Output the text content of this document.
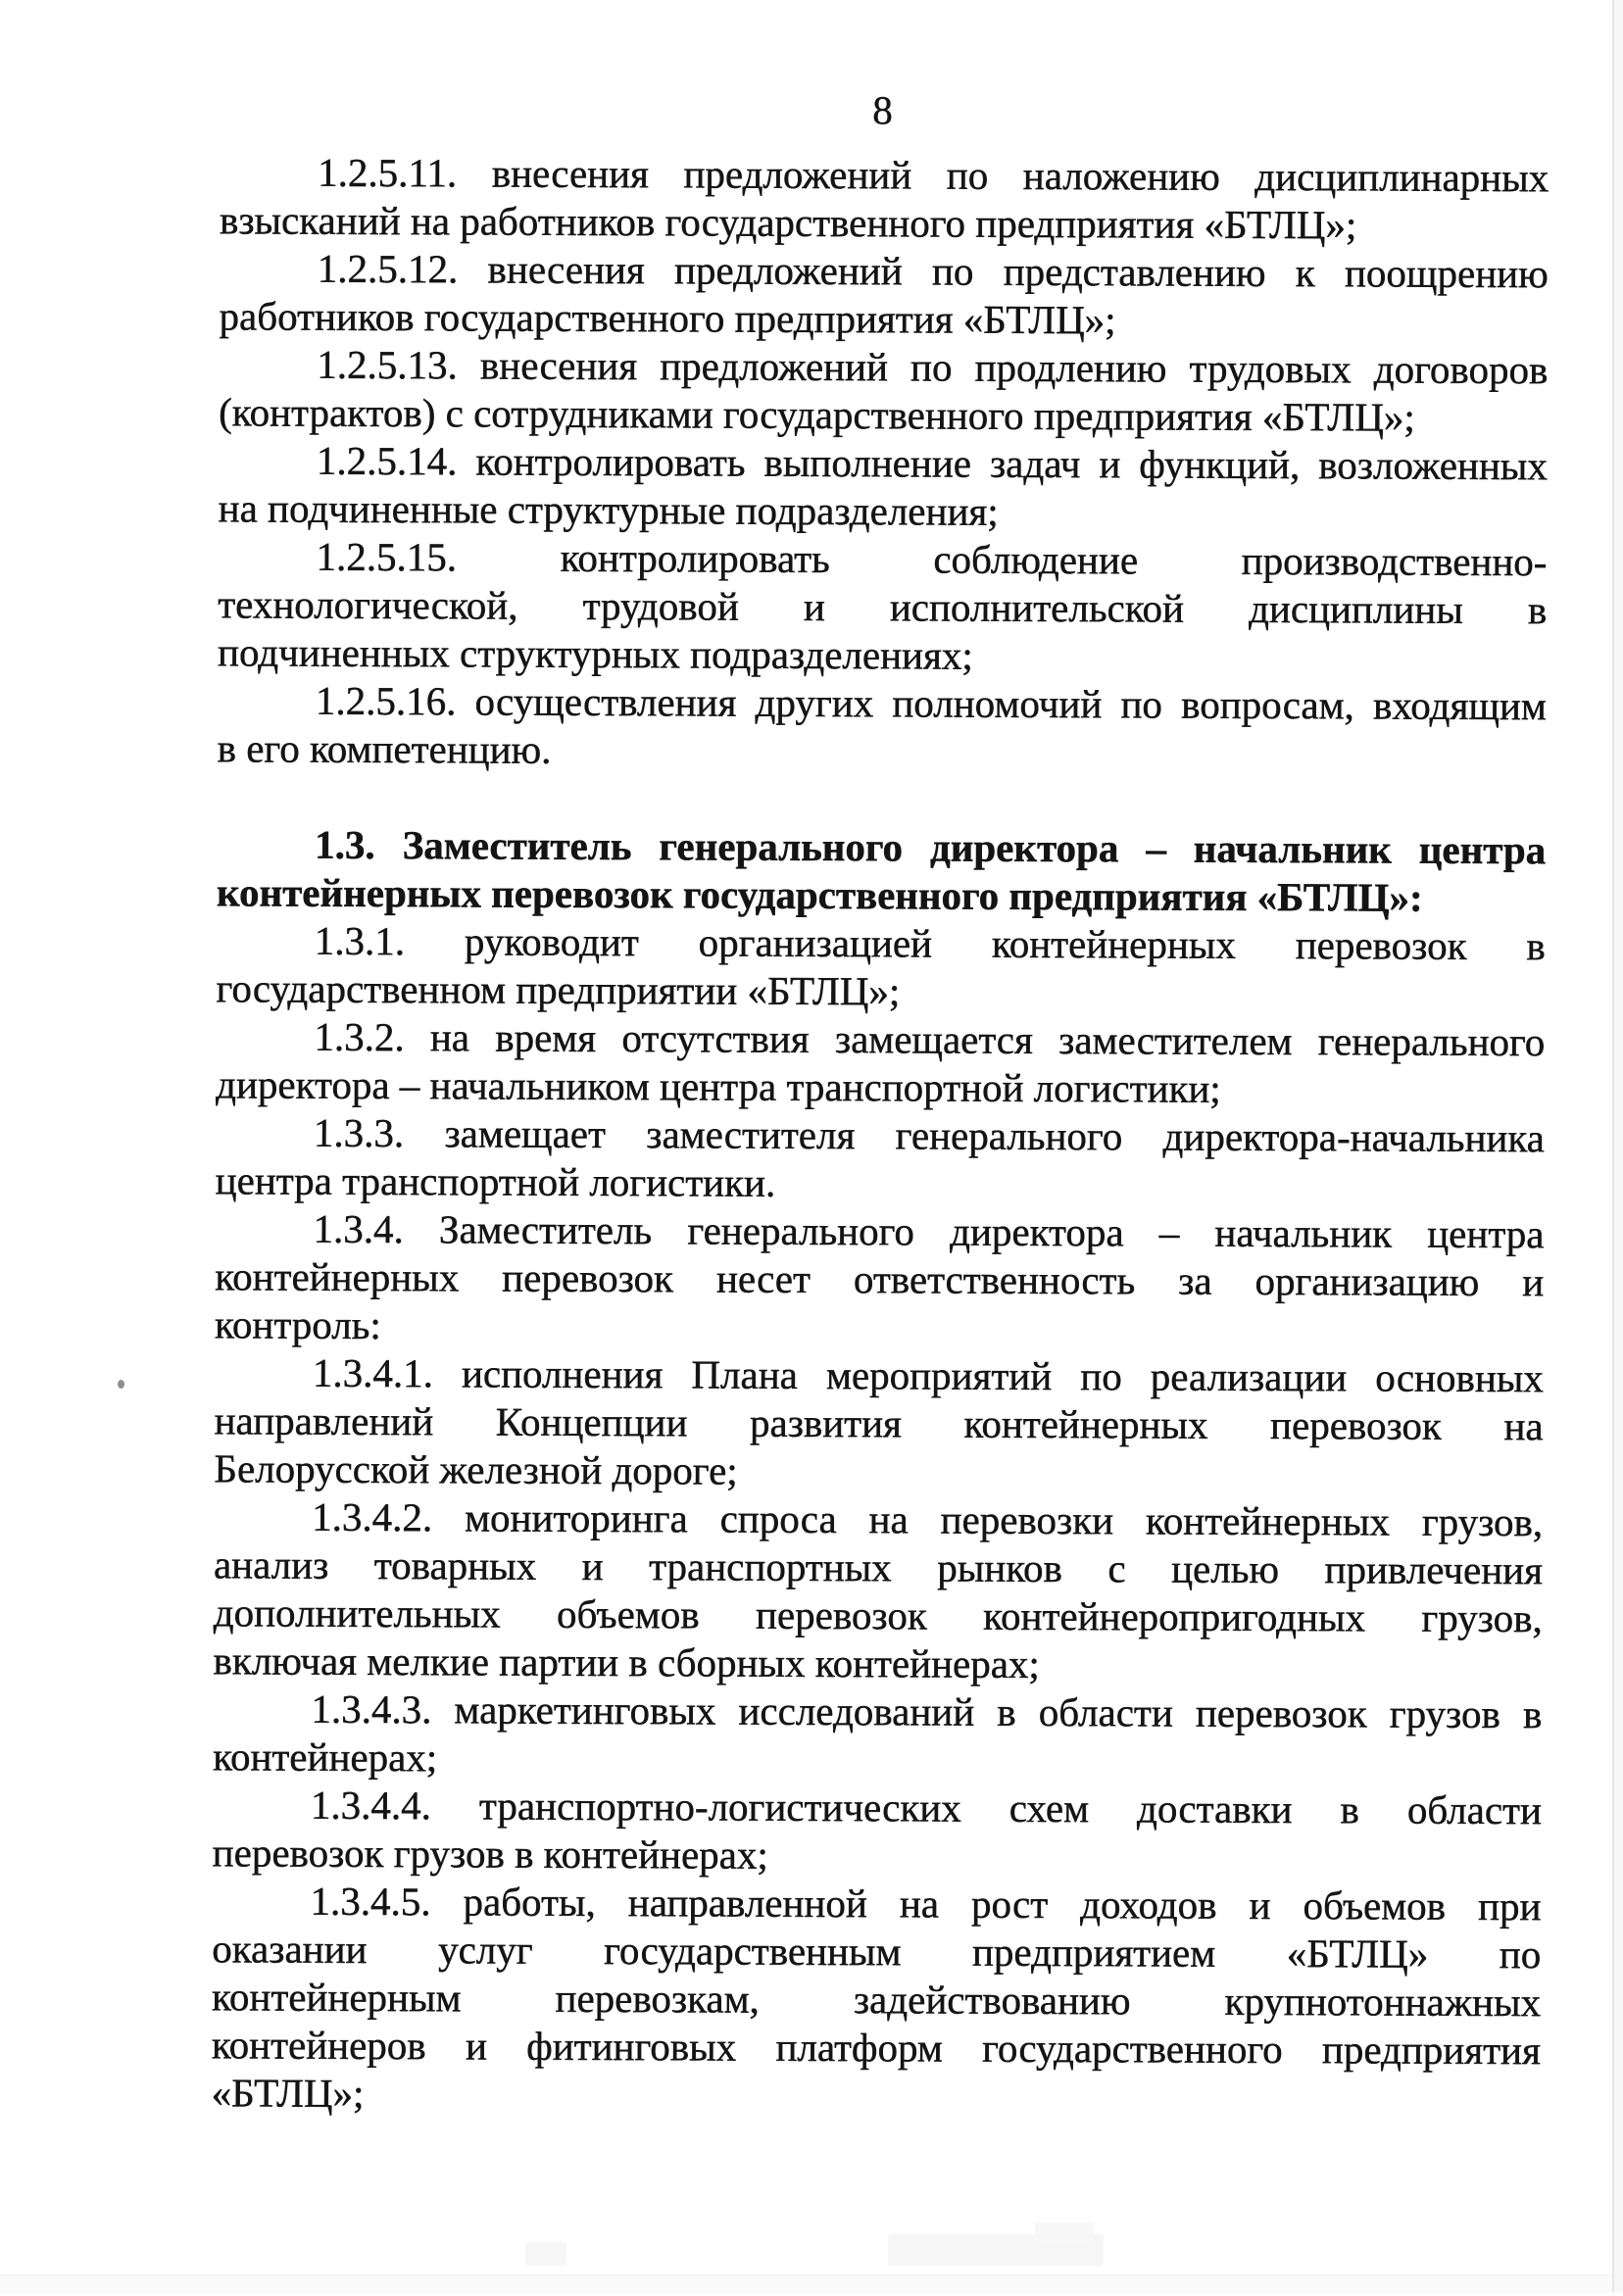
8

1.2.5.11. внесения предложений по наложению дисциплинарных
взысканий на работников государственного предприятия «БТЛЦ»;

1.2.5.12. внесения предложений по представлению к поощрению
работников государственного предприятия «БТЛЦ»;

1.2.5.13. внесения предложений по продлению трудовых договоров
(контрактов) с сотрудниками государственного предприятия «БТЛЦ»;

1.2.5.14. контролировать выполнение задач и функций, возложенных
на подчиненные структурные подразделения;

1.2.5.15. контролировать соблюдение производственно-
технологической, трудовой и исполнительской дисциплины в
подчиненных структурных подразделениях;

1.2.5.16. осуществления других полномочий по вопросам, входящим
в его компетенцию.

1.3. Заместитель генерального директора – начальник центра
контейнерных перевозок государственного предприятия «БТЛЦ»:

1.3.1. руководит организацией контейнерных перевозок в
государственном предприятии «БТЛЦ»;

1.3.2. на время отсутствия замещается заместителем генерального
директора – начальником центра транспортной логистики;

1.3.3. замещает заместителя генерального директора-начальника
центра транспортной логистики.

1.3.4. Заместитель генерального директора – начальник центра
контейнерных перевозок несет ответственность за организацию и
контроль:

1.3.4.1. исполнения Плана мероприятий по реализации основных
направлений Концепции развития контейнерных перевозок на
Белорусской железной дороге;

1.3.4.2. мониторинга спроса на перевозки контейнерных грузов,
анализ товарных и транспортных рынков с целью привлечения
дополнительных объемов перевозок контейнеропригодных грузов,
включая мелкие партии в сборных контейнерах;

1.3.4.3. маркетинговых исследований в области перевозок грузов в
контейнерах;

1.3.4.4. транспортно-логистических схем доставки в области
перевозок грузов в контейнерах;

1.3.4.5. работы, направленной на рост доходов и объемов при
оказании услуг государственным предприятием «БТЛЦ» по
контейнерным перевозкам, задействованию крупнотоннажных
контейнеров и фитинговых платформ государственного предприятия
«БТЛЦ»;
